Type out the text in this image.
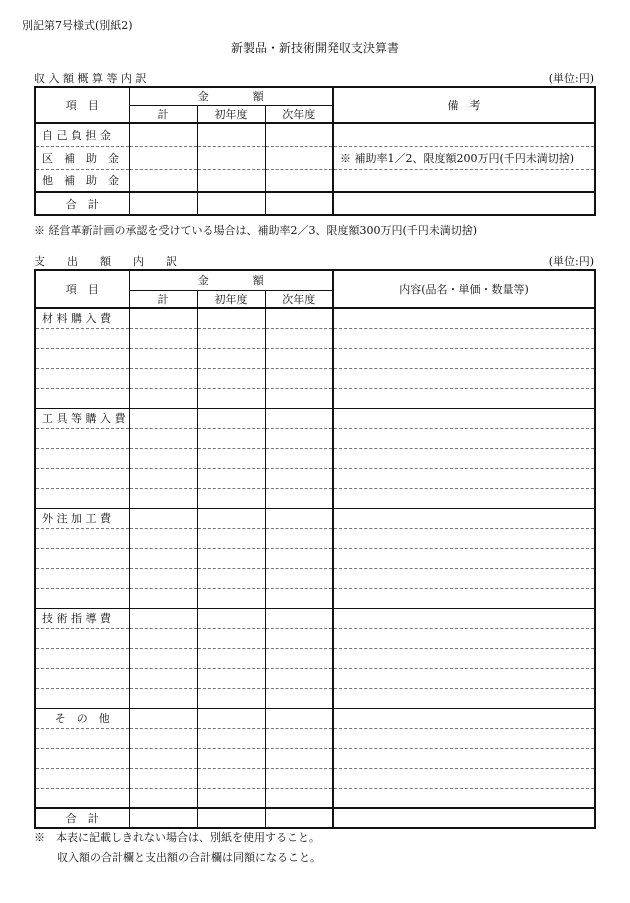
別記第7号様式(別紙2)
新製品・新技術開発収支決算書
収 入 額 概 算 等 内 訳	(単位:円)
項　目	金　　　　額			備　考
	計	初年度	次年度	
自 己 負 担 金				
区　補　助　金				※ 補助率1／2、限度額200万円(千円未満切捨)
他　補　助　金				
合　計				
※ 経営革新計画の承認を受けている場合は、補助率2／3、限度額300万円(千円未満切捨)
支　　出　　額　　内　　訳	(単位:円)
項　目	金　　　　額			内容(品名・単価・数量等)
	計	初年度	次年度	
材 料 購 入 費				

工 具 等 購 入 費				

外 注 加 工 費				

技 術 指 導 費				

そ　の　他				

合　計				
※　本表に記載しきれない場合は、別紙を使用すること。
収入額の合計欄と支出額の合計欄は同額になること。
